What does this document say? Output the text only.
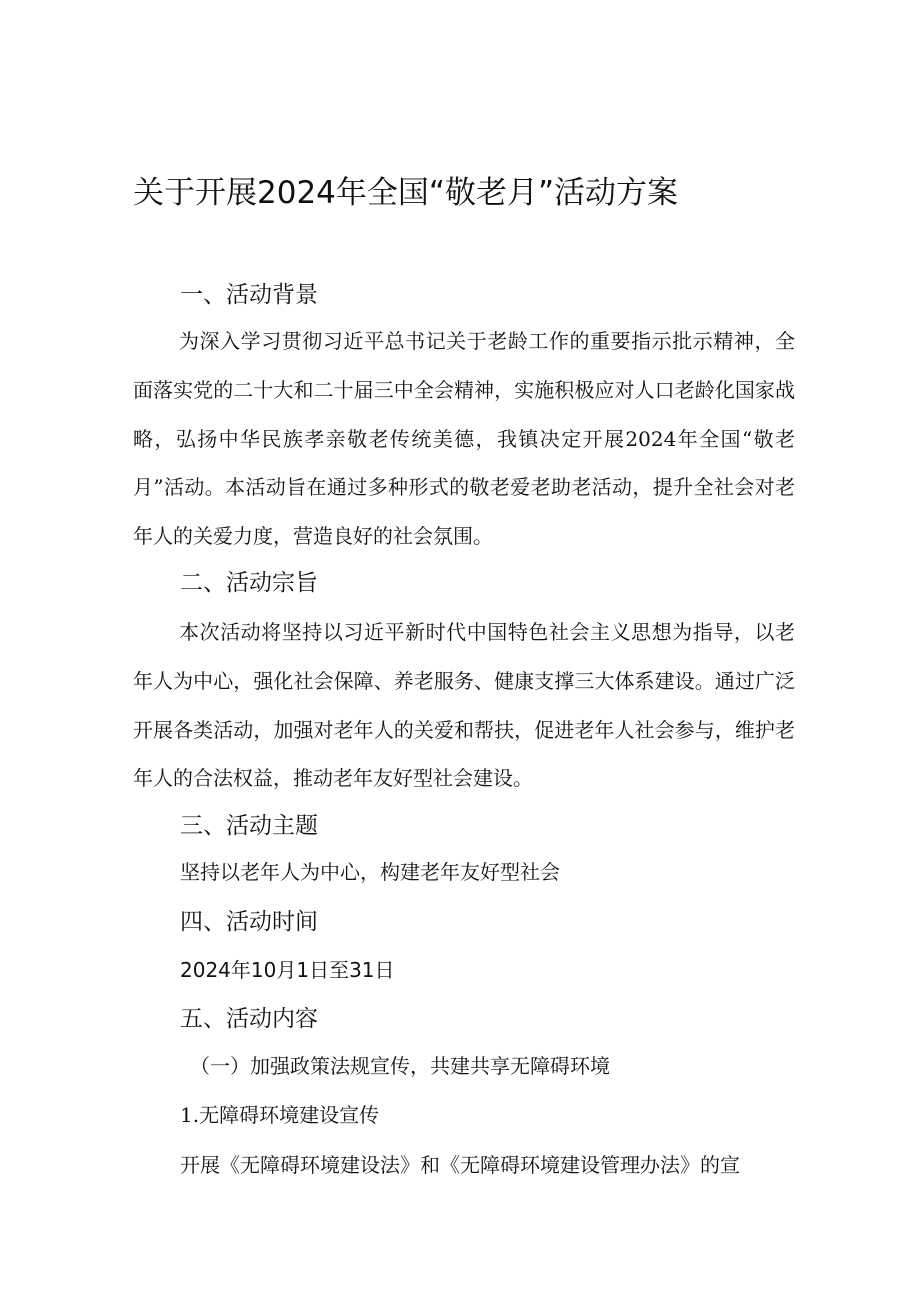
关于开展2024年全国“敬老月”活动方案
一、活动背景
为深入学习贯彻习近平总书记关于老龄工作的重要指示批示精神，全面落实党的二十大和二十届三中全会精神，实施积极应对人口老龄化国家战略，弘扬中华民族孝亲敬老传统美德，我镇决定开展2024年全国“敬老月”活动。本活动旨在通过多种形式的敬老爱老助老活动，提升全社会对老年人的关爱力度，营造良好的社会氛围。
二、活动宗旨
本次活动将坚持以习近平新时代中国特色社会主义思想为指导，以老年人为中心，强化社会保障、养老服务、健康支撑三大体系建设。通过广泛开展各类活动，加强对老年人的关爱和帮扶，促进老年人社会参与，维护老年人的合法权益，推动老年友好型社会建设。
三、活动主题
坚持以老年人为中心，构建老年友好型社会
四、活动时间
2024年10月1日至31日
五、活动内容
（一）加强政策法规宣传，共建共享无障碍环境
1.无障碍环境建设宣传
开展《无障碍环境建设法》和《无障碍环境建设管理办法》的宣
